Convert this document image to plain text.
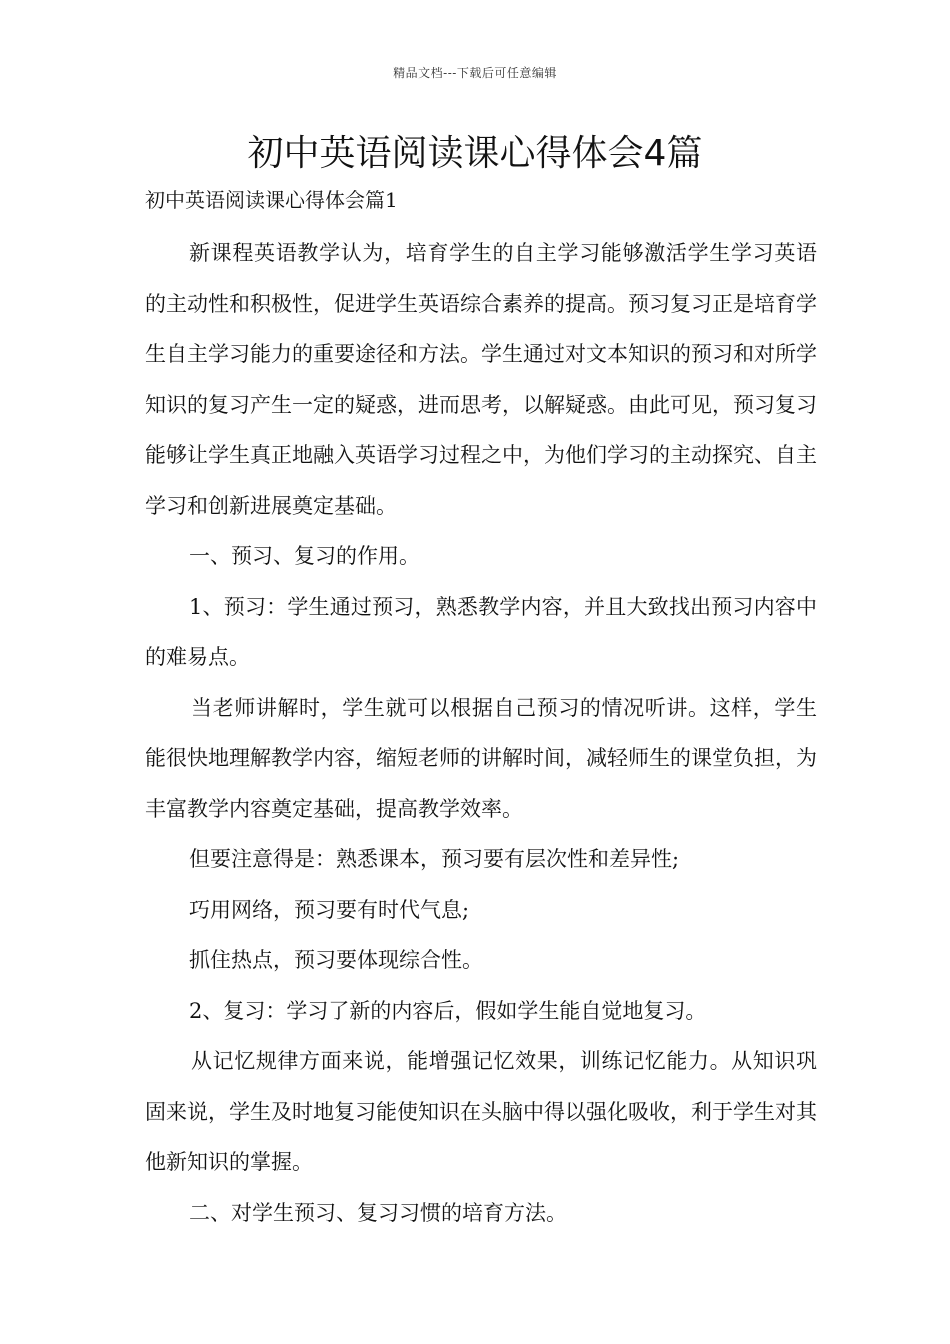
精品文档---下载后可任意编辑
初中英语阅读课心得体会4篇

初中英语阅读课心得体会篇1

新课程英语教学认为，培育学生的自主学习能够激活学生学习英语的主动性和积极性，促进学生英语综合素养的提高。预习复习正是培育学生自主学习能力的重要途径和方法。学生通过对文本知识的预习和对所学知识的复习产生一定的疑惑，进而思考，以解疑惑。由此可见，预习复习能够让学生真正地融入英语学习过程之中，为他们学习的主动探究、自主学习和创新进展奠定基础。

一、预习、复习的作用。

1、预习：学生通过预习，熟悉教学内容，并且大致找出预习内容中的难易点。

当老师讲解时，学生就可以根据自己预习的情况听讲。这样，学生能很快地理解教学内容，缩短老师的讲解时间，减轻师生的课堂负担，为丰富教学内容奠定基础，提高教学效率。

但要注意得是：熟悉课本，预习要有层次性和差异性;

巧用网络，预习要有时代气息;

抓住热点，预习要体现综合性。

2、复习：学习了新的内容后，假如学生能自觉地复习。

从记忆规律方面来说，能增强记忆效果，训练记忆能力。从知识巩固来说，学生及时地复习能使知识在头脑中得以强化吸收，利于学生对其他新知识的掌握。

二、对学生预习、复习习惯的培育方法。
